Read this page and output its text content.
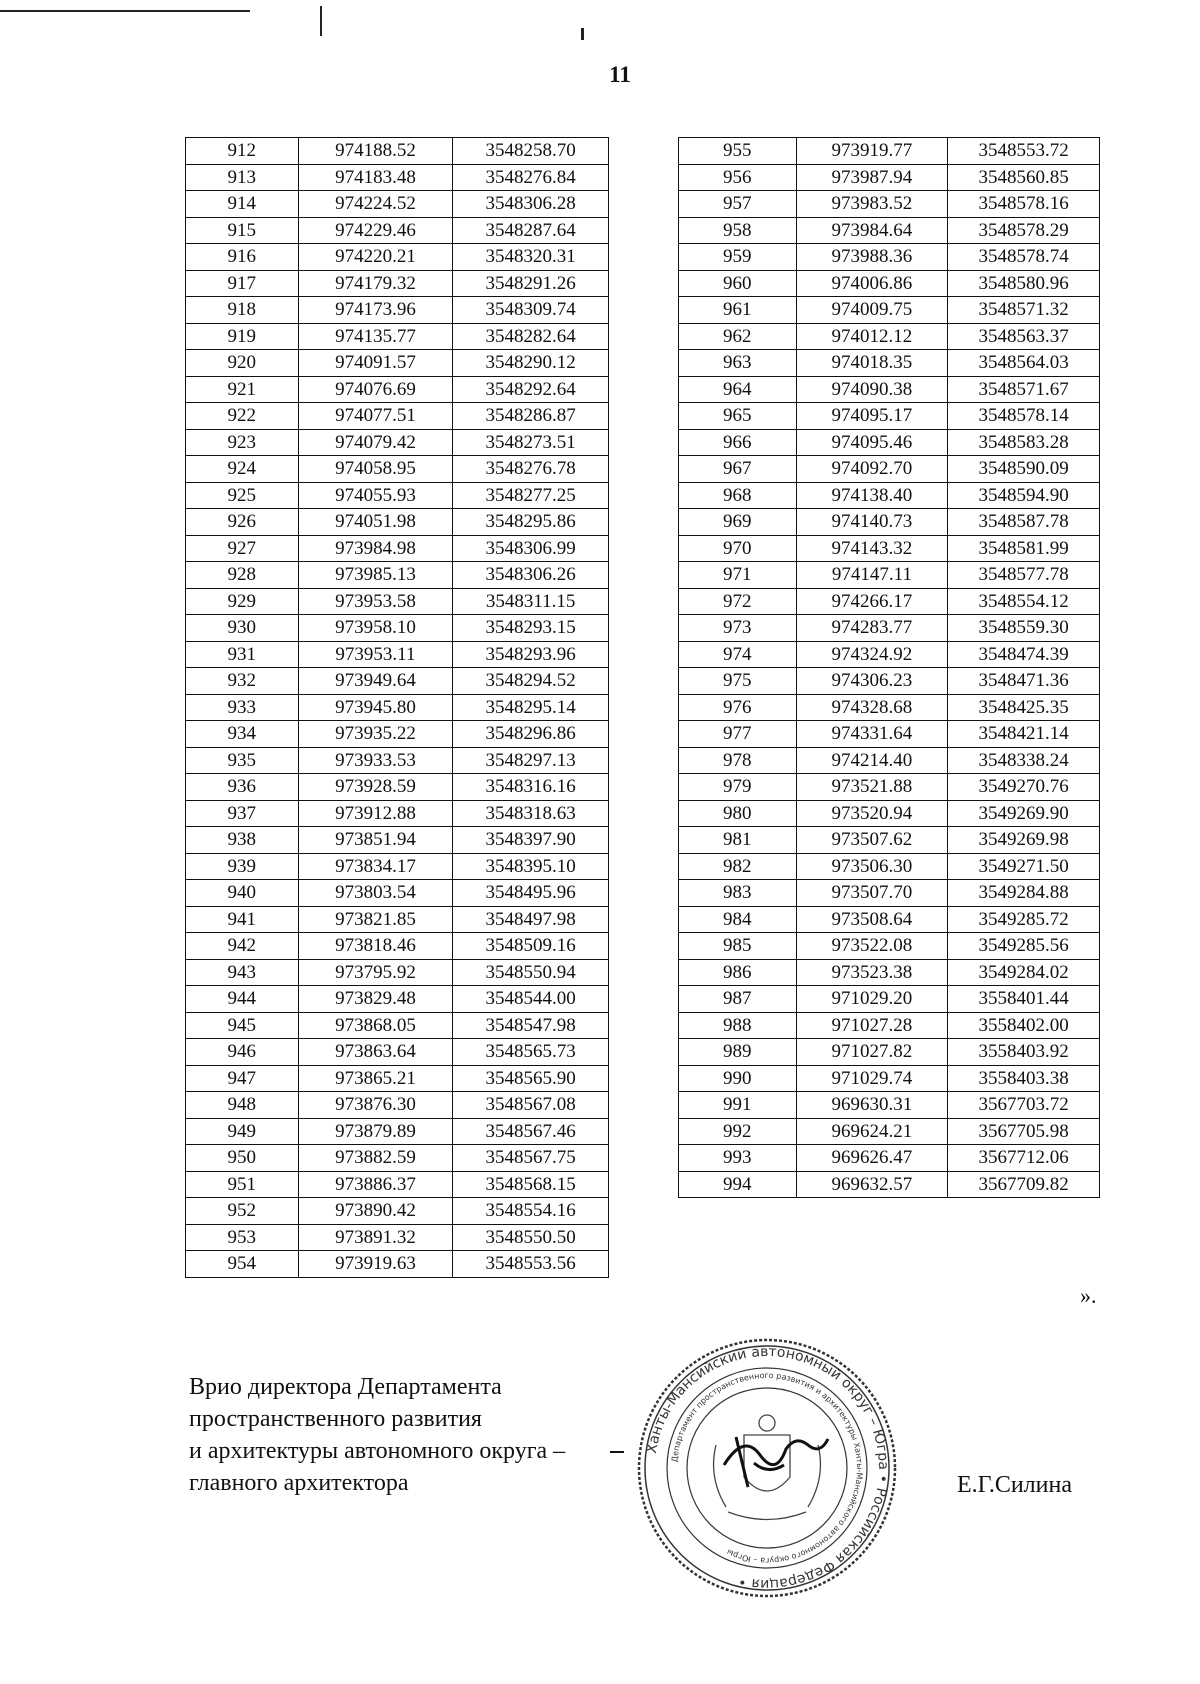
11
912	974188.52	3548258.70
913	974183.48	3548276.84
914	974224.52	3548306.28
915	974229.46	3548287.64
916	974220.21	3548320.31
917	974179.32	3548291.26
918	974173.96	3548309.74
919	974135.77	3548282.64
920	974091.57	3548290.12
921	974076.69	3548292.64
922	974077.51	3548286.87
923	974079.42	3548273.51
924	974058.95	3548276.78
925	974055.93	3548277.25
926	974051.98	3548295.86
927	973984.98	3548306.99
928	973985.13	3548306.26
929	973953.58	3548311.15
930	973958.10	3548293.15
931	973953.11	3548293.96
932	973949.64	3548294.52
933	973945.80	3548295.14
934	973935.22	3548296.86
935	973933.53	3548297.13
936	973928.59	3548316.16
937	973912.88	3548318.63
938	973851.94	3548397.90
939	973834.17	3548395.10
940	973803.54	3548495.96
941	973821.85	3548497.98
942	973818.46	3548509.16
943	973795.92	3548550.94
944	973829.48	3548544.00
945	973868.05	3548547.98
946	973863.64	3548565.73
947	973865.21	3548565.90
948	973876.30	3548567.08
949	973879.89	3548567.46
950	973882.59	3548567.75
951	973886.37	3548568.15
952	973890.42	3548554.16
953	973891.32	3548550.50
954	973919.63	3548553.56
955	973919.77	3548553.72
956	973987.94	3548560.85
957	973983.52	3548578.16
958	973984.64	3548578.29
959	973988.36	3548578.74
960	974006.86	3548580.96
961	974009.75	3548571.32
962	974012.12	3548563.37
963	974018.35	3548564.03
964	974090.38	3548571.67
965	974095.17	3548578.14
966	974095.46	3548583.28
967	974092.70	3548590.09
968	974138.40	3548594.90
969	974140.73	3548587.78
970	974143.32	3548581.99
971	974147.11	3548577.78
972	974266.17	3548554.12
973	974283.77	3548559.30
974	974324.92	3548474.39
975	974306.23	3548471.36
976	974328.68	3548425.35
977	974331.64	3548421.14
978	974214.40	3548338.24
979	973521.88	3549270.76
980	973520.94	3549269.90
981	973507.62	3549269.98
982	973506.30	3549271.50
983	973507.70	3549284.88
984	973508.64	3549285.72
985	973522.08	3549285.56
986	973523.38	3549284.02
987	971029.20	3558401.44
988	971027.28	3558402.00
989	971027.82	3558403.92
990	971029.74	3558403.38
991	969630.31	3567703.72
992	969624.21	3567705.98
993	969626.47	3567712.06
994	969632.57	3567709.82
».
Врио директора Департамента
пространственного развития
и архитектуры автономного округа –
главного архитектора
Ханты-Мансийский автономный округ – Югра • Российская Федерация •
Департамент пространственного развития и архитектуры Ханты-Мансийского автономного округа – Югры
Е.Г.Силина
